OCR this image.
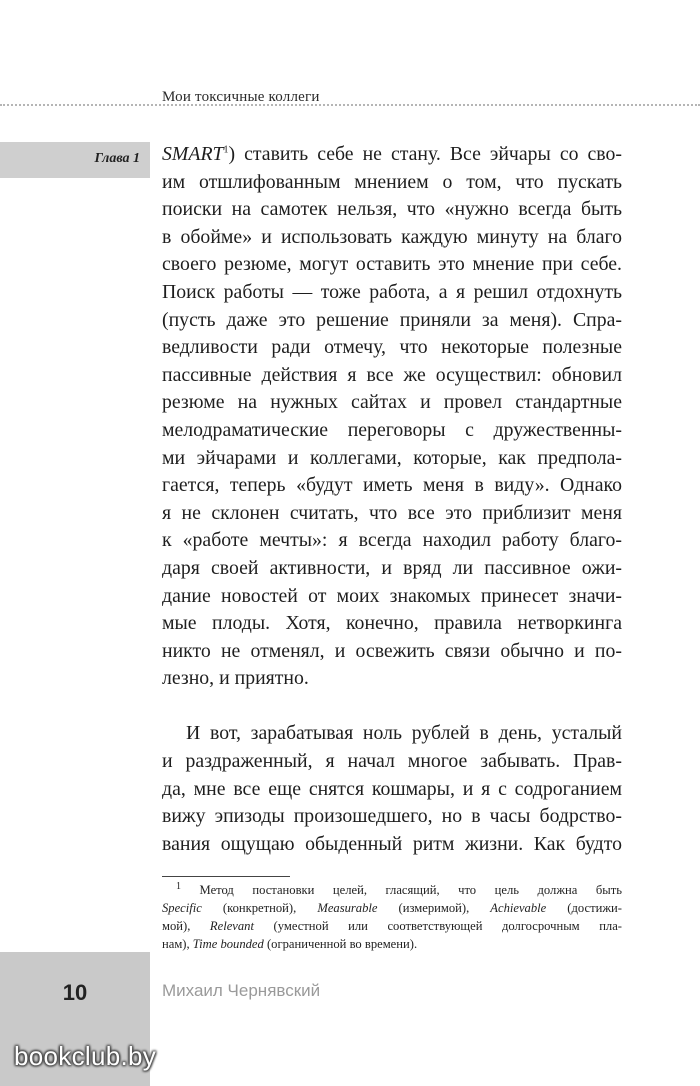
Мои токсичные коллеги
Глава 1 SMART$^1$) ставить себе не стану. Все эйчары со сво-
им отшлифованным мнением о том, что пускать
поиски на самотек нельзя, что «нужно всегда быть
в обойме» и использовать каждую минуту на благо
своего резюме, могут оставить это мнение при себе.
Поиск работы — тоже работа, а я решил отдохнуть
(пусть даже это решение приняли за меня). Спра-
ведливости ради отмечу, что некоторые полезные
пассивные действия я все же осуществил: обновил
резюме на нужных сайтах и провел стандартные
мелодраматические переговоры с дружественны-
ми эйчарами и коллегами, которые, как предпола-
гается, теперь «будут иметь меня в виду». Однако
я не склонен считать, что все это приблизит меня
к «работе мечты»: я всегда находил работу благо-
даря своей активности, и вряд ли пассивное ожи-
дание новостей от моих знакомых принесет значи-
мые плоды. Хотя, конечно, правила нетворкинга
никто не отменял, и освежить связи обычно и по-
лезно, и приятно.

И вот, зарабатывая ноль рублей в день, усталый
и раздраженный, я начал многое забывать. Прав-
да, мне все еще снятся кошмары, и я с содроганием
вижу эпизоды произошедшего, но в часы бодрство-
вания ощущаю обыденный ритм жизни. Как будто

$^1$ Метод постановки целей, гласящий, что цель должна быть
Specific (конкретной), Measurable (измеримой), Achievable (достижи-
мой), Relevant (уместной или соответствующей долгосрочным пла-
нам), Time bounded (ограниченной во времени).
10	Михаил Чернявский
bookclub.by
